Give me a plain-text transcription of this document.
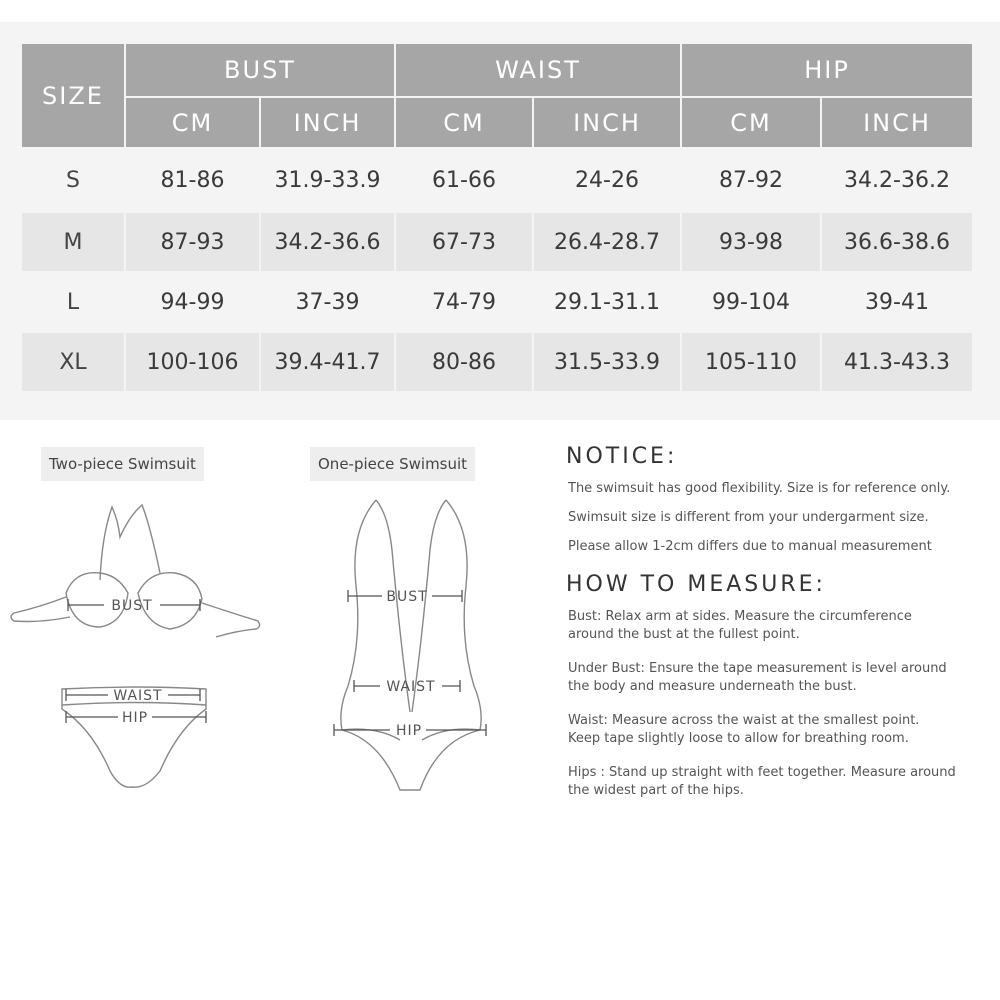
SIZE	BUST		WAIST		HIP	
	CM	INCH	CM	INCH	CM	INCH
S	81-86	31.9-33.9	61-66	24-26	87-92	34.2-36.2
M	87-93	34.2-36.6	67-73	26.4-28.7	93-98	36.6-38.6
L	94-99	37-39	74-79	29.1-31.1	99-104	39-41
XL	100-106	39.4-41.7	80-86	31.5-33.9	105-110	41.3-43.3
Two-piece Swimsuit
BUST
WAIST
HIP
One-piece Swimsuit
BUST
WAIST
HIP
NOTICE:
The swimsuit has good flexibility. Size is for reference only.
Swimsuit size is different from your undergarment size.
Please allow 1-2cm differs due to manual measurement
HOW TO MEASURE:
Bust: Relax arm at sides. Measure the circumference
around the bust at the fullest point.
Under Bust: Ensure the tape measurement is level around
the body and measure underneath the bust.
Waist: Measure across the waist at the smallest point.
Keep tape slightly loose to allow for breathing room.
Hips : Stand up straight with feet together. Measure around
the widest part of the hips.
